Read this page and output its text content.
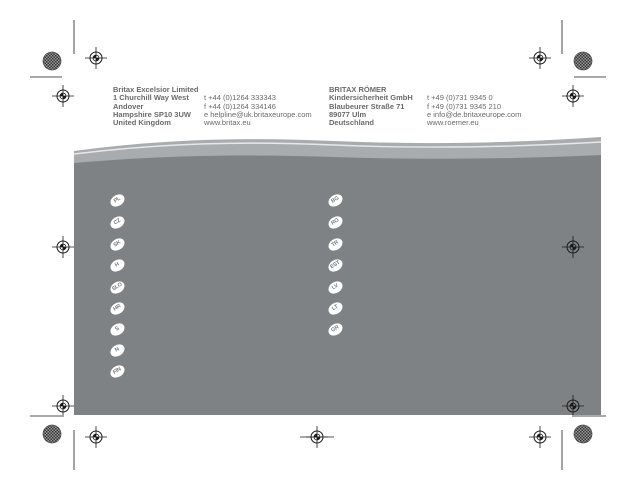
Britax Excelsior Limited
1 Churchill Way West
Andover
Hampshire SP10 3UW
United Kingdom
t +44 (0)1264 333343
f +44 (0)1264 334146
e helpline@uk.britaxeurope.com
www.britax.eu
BRITAX RÖMER
Kindersicherheit GmbH
Blaubeurer Straße 71
89077 Ulm
Deutschland
t +49 (0)731 9345 0
f +49 (0)731 9345 210
e info@de.britaxeurope.com
www.roemer.eu
PL
CZ
SK
H
SLO
HR
S
N
FIN
BG
RO
TR
EST
LV
LT
GR
